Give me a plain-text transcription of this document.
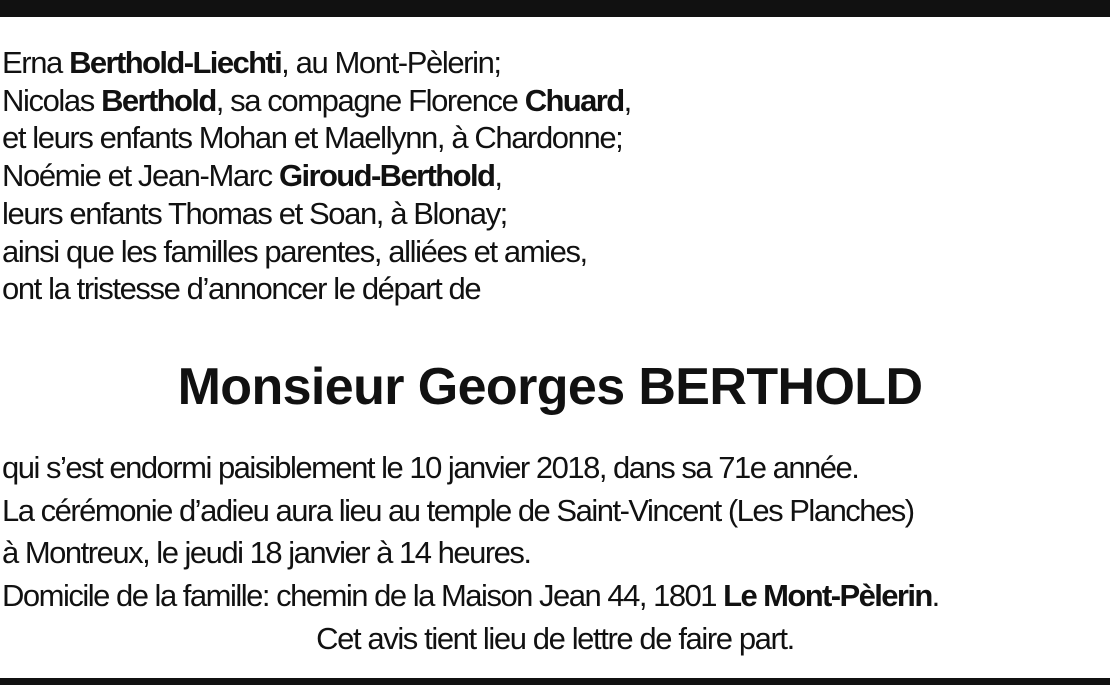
Erna Berthold-Liechti, au Mont-Pèlerin;
Nicolas Berthold, sa compagne Florence Chuard,
et leurs enfants Mohan et Maellynn, à Chardonne;
Noémie et Jean-Marc Giroud-Berthold,
leurs enfants Thomas et Soan, à Blonay;
ainsi que les familles parentes, alliées et amies,
ont la tristesse d’annoncer le départ de

Monsieur Georges BERTHOLD

qui s’est endormi paisiblement le 10 janvier 2018, dans sa 71e année.
La cérémonie d’adieu aura lieu au temple de Saint-Vincent (Les Planches)
à Montreux, le jeudi 18 janvier à 14 heures.
Domicile de la famille: chemin de la Maison Jean 44, 1801 Le Mont-Pèlerin.

Cet avis tient lieu de lettre de faire part.
